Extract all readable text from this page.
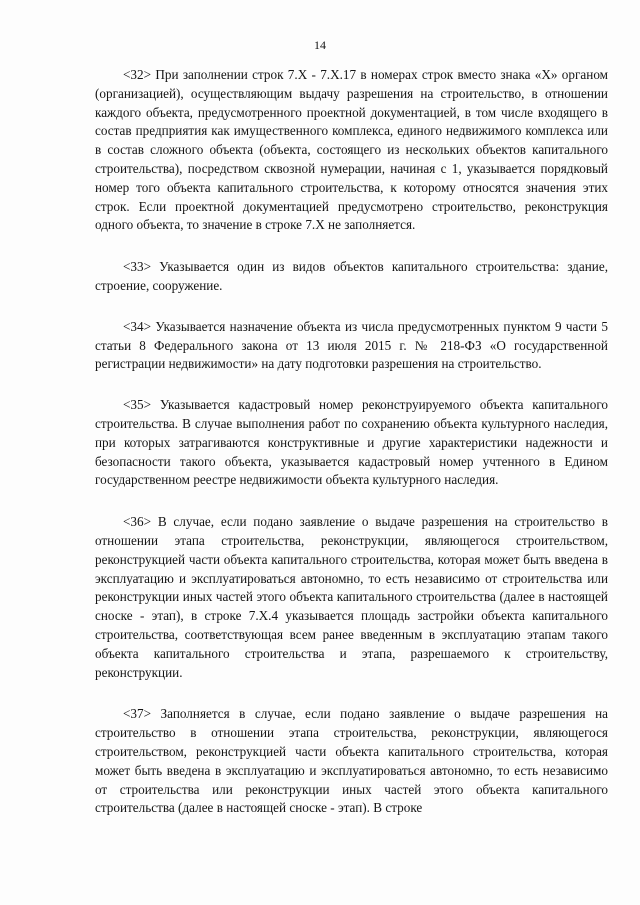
14

<32> При заполнении строк 7.Х - 7.Х.17 в номерах строк вместо знака «Х» органом (организацией), осуществляющим выдачу разрешения на строительство, в отношении каждого объекта, предусмотренного проектной документацией, в том числе входящего в состав предприятия как имущественного комплекса, единого недвижимого комплекса или в состав сложного объекта (объекта, состоящего из нескольких объектов капитального строительства), посредством сквозной нумерации, начиная с 1, указывается порядковый номер того объекта капитального строительства, к которому относятся значения этих строк. Если проектной документацией предусмотрено строительство, реконструкция одного объекта, то значение в строке 7.Х не заполняется.

<33> Указывается один из видов объектов капитального строительства: здание, строение, сооружение.

<34> Указывается назначение объекта из числа предусмотренных пунктом 9 части 5 статьи 8 Федерального закона от 13 июля 2015 г. № 218-ФЗ «О государственной регистрации недвижимости» на дату подготовки разрешения на строительство.

<35> Указывается кадастровый номер реконструируемого объекта капитального строительства. В случае выполнения работ по сохранению объекта культурного наследия, при которых затрагиваются конструктивные и другие характеристики надежности и безопасности такого объекта, указывается кадастровый номер учтенного в Едином государственном реестре недвижимости объекта культурного наследия.

<36> В случае, если подано заявление о выдаче разрешения на строительство в отношении этапа строительства, реконструкции, являющегося строительством, реконструкцией части объекта капитального строительства, которая может быть введена в эксплуатацию и эксплуатироваться автономно, то есть независимо от строительства или реконструкции иных частей этого объекта капитального строительства (далее в настоящей сноске - этап), в строке 7.Х.4 указывается площадь застройки объекта капитального строительства, соответствующая всем ранее введенным в эксплуатацию этапам такого объекта капитального строительства и этапа, разрешаемого к строительству, реконструкции.

<37> Заполняется в случае, если подано заявление о выдаче разрешения на строительство в отношении этапа строительства, реконструкции, являющегося строительством, реконструкцией части объекта капитального строительства, которая может быть введена в эксплуатацию и эксплуатироваться автономно, то есть независимо от строительства или реконструкции иных частей этого объекта капитального строительства (далее в настоящей сноске - этап). В строке
